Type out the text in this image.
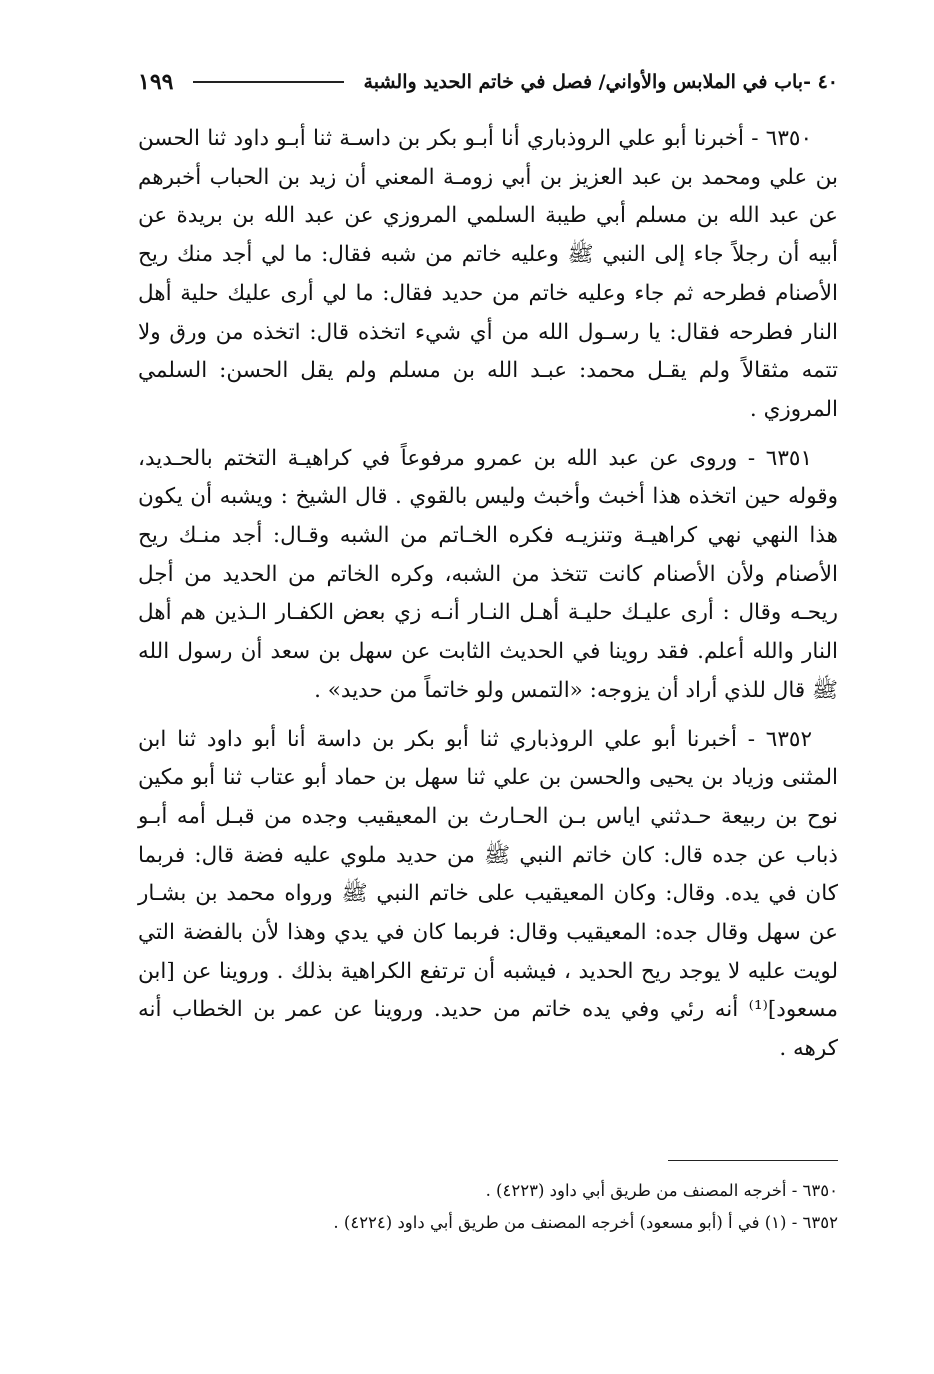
٤٠ -باب في الملابس والأواني/ فصل في خاتم الحديد والشبة
١٩٩

٦٣٥٠ - أخبرنا أبو علي الروذباري أنا أبـو بكر بن داسـة ثنا أبـو داود ثنا الحسن بن علي ومحمد بن عبد العزيز بن أبي زومـة المعني أن زيد بن الحباب أخبرهم عن عبد الله بن مسلم أبي طيبة السلمي المروزي عن عبد الله بن بريدة عن أبيه أن رجلاً جاء إلى النبي ﷺ وعليه خاتم من شبه فقال: ما لي أجد منك ريح الأصنام فطرحه ثم جاء وعليه خاتم من حديد فقال: ما لي أرى عليك حلية أهل النار فطرحه فقال: يا رسـول الله من أي شيء اتخذه قال: اتخذه من ورق ولا تتمه مثقالاً ولم يقـل محمد: عبـد الله بن مسلم ولم يقل الحسن: السلمي المروزي .

٦٣٥١ - وروى عن عبد الله بن عمرو مرفوعاً في كراهيـة التختم بالحـديد، وقوله حين اتخذه هذا أخبث وأخبث وليس بالقوي . قال الشيخ : ويشبه أن يكون هذا النهي نهي كراهيـة وتنزيـه فكره الخـاتم من الشبه وقـال: أجد منـك ريح الأصنام ولأن الأصنام كانت تتخذ من الشبه، وكره الخاتم من الحديد من أجل ريحـه وقال : أرى عليـك حليـة أهـل النـار أنـه زي بعض الكفـار الـذين هم أهل النار والله أعلم. فقد روينا في الحديث الثابت عن سهل بن سعد أن رسول الله ﷺ قال للذي أراد أن يزوجه: «التمس ولو خاتماً من حديد» .

٦٣٥٢ - أخبرنا أبو علي الروذباري ثنا أبو بكر بن داسة أنا أبو داود ثنا ابن المثنى وزياد بن يحيى والحسن بن علي ثنا سهل بن حماد أبو عتاب ثنا أبو مكين نوح بن ربيعة حـدثني اياس بـن الحـارث بن المعيقيب وجده من قبـل أمه أبـو ذباب عن جده قال: كان خاتم النبي ﷺ من حديد ملوي عليه فضة قال: فربما كان في يده. وقال: وكان المعيقيب على خاتم النبي ﷺ ورواه محمد بن بشـار عن سهل وقال جده: المعيقيب وقال: فربما كان في يدي وهذا لأن بالفضة التي لويت عليه لا يوجد ريح الحديد ، فيشبه أن ترتفع الكراهية بذلك . وروينا عن [ابن مسعود]⁽¹⁾ أنه رئي وفي يده خاتم من حديد. وروينا عن عمر بن الخطاب أنه كرهه .

٦٣٥٠ - أخرجه المصنف من طريق أبي داود (٤٢٢٣) .
٦٣٥٢ - (١) في أ (أبو مسعود) أخرجه المصنف من طريق أبي داود (٤٢٢٤) .
